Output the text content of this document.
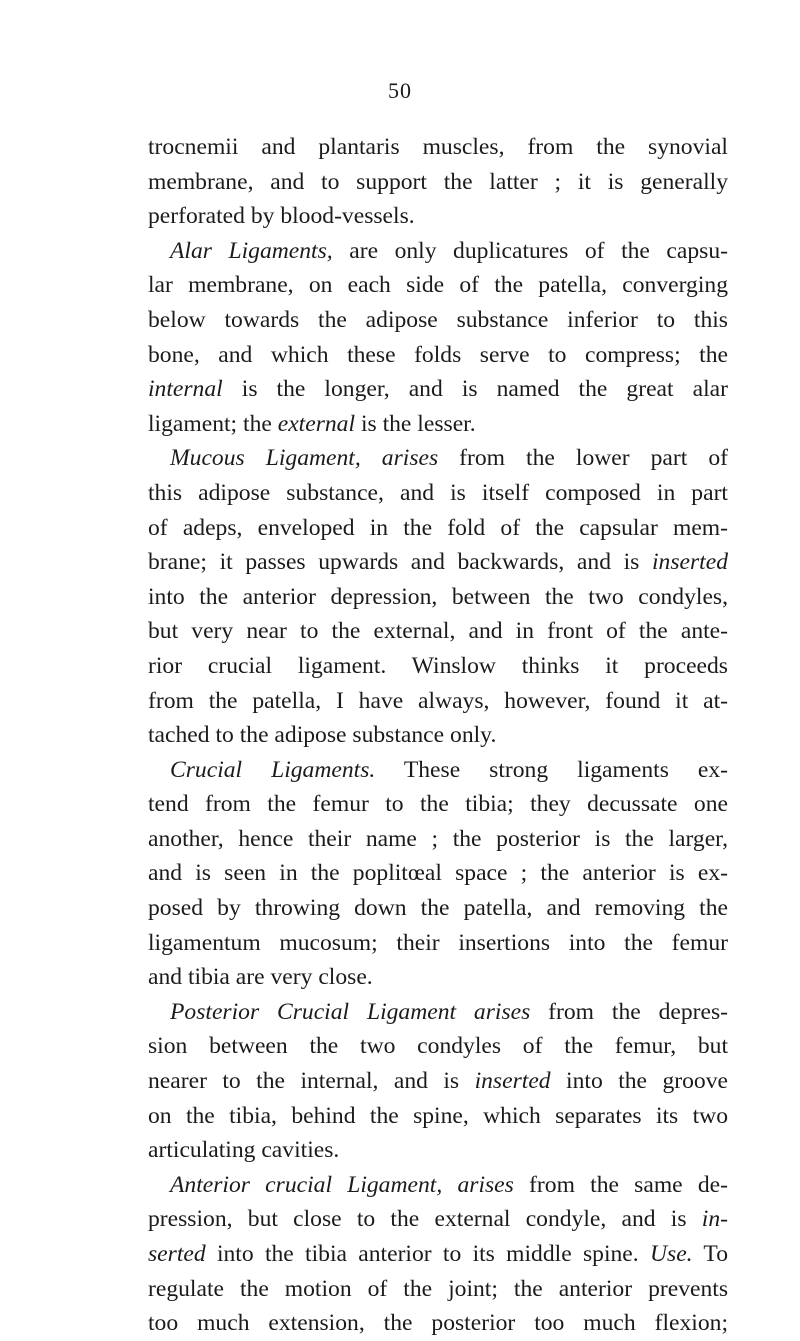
50
trocnemii and plantaris muscles, from the synovial
membrane, and to support the latter ; it is generally
perforated by blood-vessels.
Alar Ligaments, are only duplicatures of the capsu-
lar membrane, on each side of the patella, converging
below towards the adipose substance inferior to this
bone, and which these folds serve to compress; the
internal is the longer, and is named the great alar
ligament; the external is the lesser.
Mucous Ligament, arises from the lower part of
this adipose substance, and is itself composed in part
of adeps, enveloped in the fold of the capsular mem-
brane; it passes upwards and backwards, and is inserted
into the anterior depression, between the two condyles,
but very near to the external, and in front of the ante-
rior crucial ligament. Winslow thinks it proceeds
from the patella, I have always, however, found it at-
tached to the adipose substance only.
Crucial Ligaments. These strong ligaments ex-
tend from the femur to the tibia; they decussate one
another, hence their name ; the posterior is the larger,
and is seen in the poplitœal space ; the anterior is ex-
posed by throwing down the patella, and removing the
ligamentum mucosum; their insertions into the femur
and tibia are very close.
Posterior Crucial Ligament arises from the depres-
sion between the two condyles of the femur, but
nearer to the internal, and is inserted into the groove
on the tibia, behind the spine, which separates its two
articulating cavities.
Anterior crucial Ligament, arises from the same de-
pression, but close to the external condyle, and is in-
serted into the tibia anterior to its middle spine. Use. To
regulate the motion of the joint; the anterior prevents
too much extension, the posterior too much flexion;
